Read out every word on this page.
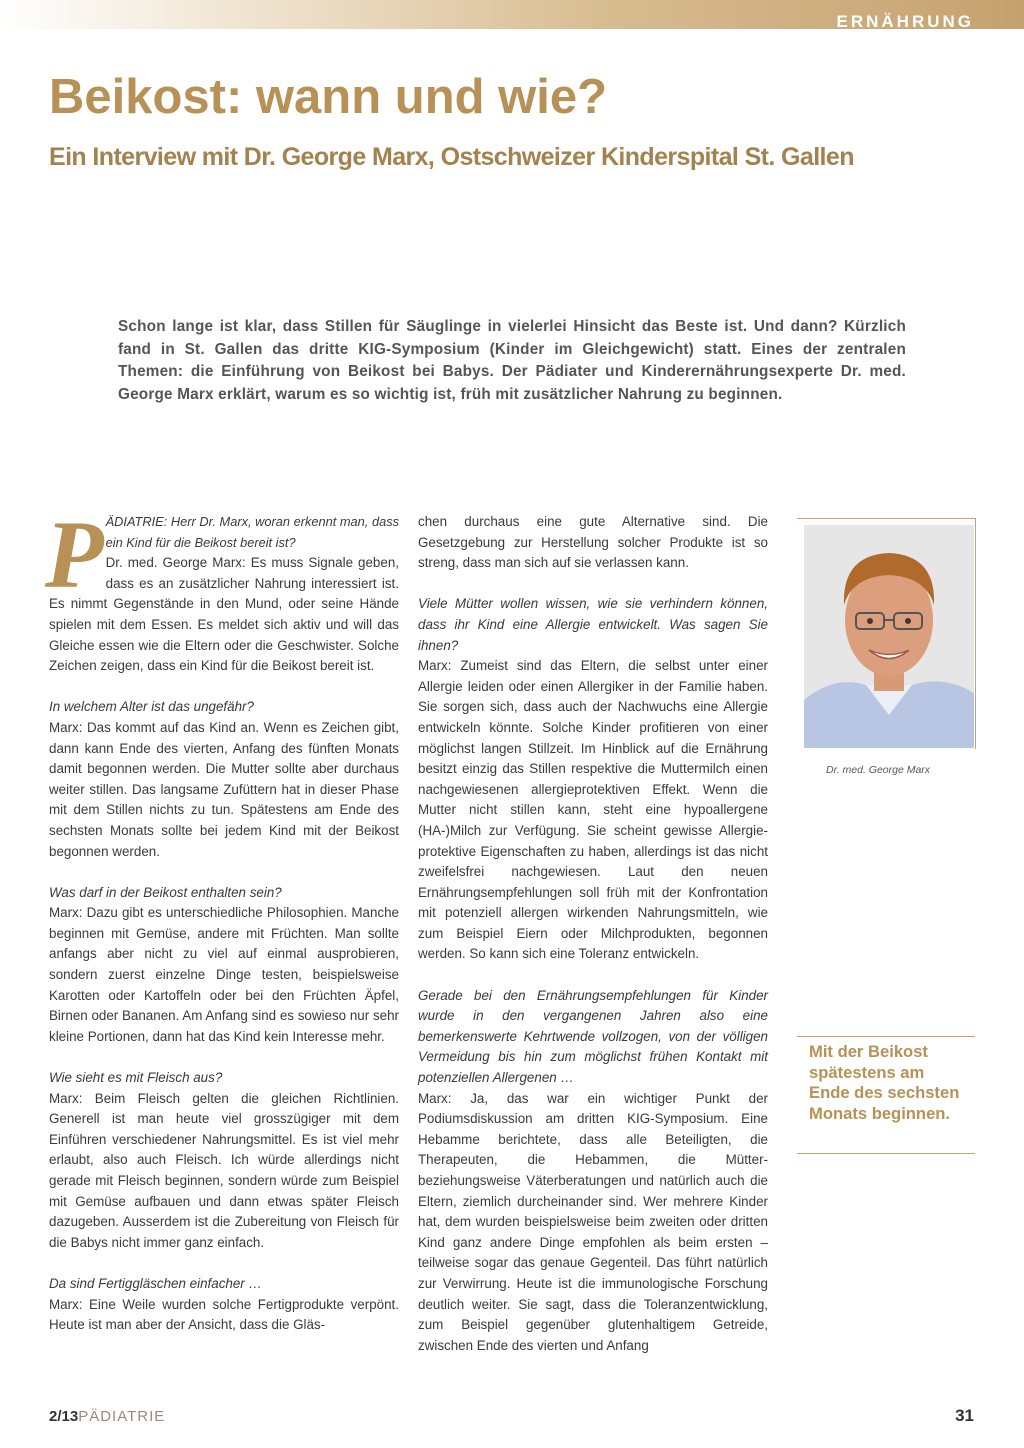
ERNÄHRUNG
Beikost: wann und wie?
Ein Interview mit Dr. George Marx, Ostschweizer Kinderspital St. Gallen

Schon lange ist klar, dass Stillen für Säuglinge in vielerlei Hinsicht das Beste ist. Und dann? Kürzlich fand in St. Gallen das dritte KIG-Symposium (Kinder im Gleichgewicht) statt. Eines der zentralen Themen: die Einführung von Beikost bei Babys. Der Pädiater und Kinderernährungsexperte Dr. med. George Marx erklärt, warum es so wichtig ist, früh mit zusätzlicher Nahrung zu beginnen.

P ÄDIATRIE: Herr Dr. Marx, woran erkennt man, dass ein Kind für die Beikost bereit ist?

Dr. med. George Marx: Es muss Signale geben, dass es an zusätzlicher Nahrung interessiert ist. Es nimmt Gegenstände in den Mund, oder seine Hände spielen mit dem Essen. Es meldet sich aktiv und will das Gleiche essen wie die Eltern oder die Geschwister. Solche Zeichen zeigen, dass ein Kind für die Beikost bereit ist.

In welchem Alter ist das ungefähr?

Marx: Das kommt auf das Kind an. Wenn es Zeichen gibt, dann kann Ende des vierten, Anfang des fünften Monats damit begonnen werden. Die Mutter sollte aber durchaus weiter stillen. Das langsame Zufüttern hat in dieser Phase mit dem Stillen nichts zu tun. Spätestens am Ende des sechsten Monats sollte bei jedem Kind mit der Beikost begonnen werden.

Was darf in der Beikost enthalten sein?

Marx: Dazu gibt es unterschiedliche Philosophien. Manche beginnen mit Gemüse, andere mit Früchten. Man sollte anfangs aber nicht zu viel auf einmal ausprobieren, sondern zuerst einzelne Dinge testen, beispielsweise Karotten oder Kartoffeln oder bei den Früchten Äpfel, Birnen oder Bananen. Am Anfang sind es sowieso nur sehr kleine Portionen, dann hat das Kind kein Interesse mehr.

Wie sieht es mit Fleisch aus?

Marx: Beim Fleisch gelten die gleichen Richtlinien. Generell ist man heute viel grosszügiger mit dem Einführen verschiedener Nahrungsmittel. Es ist viel mehr erlaubt, also auch Fleisch. Ich würde allerdings nicht gerade mit Fleisch beginnen, sondern würde zum Beispiel mit Gemüse aufbauen und dann etwas später Fleisch dazugeben. Ausserdem ist die Zubereitung von Fleisch für die Babys nicht immer ganz einfach.

Da sind Fertiggläschen einfacher …

Marx: Eine Weile wurden solche Fertigprodukte verpönt. Heute ist man aber der Ansicht, dass die Gläs-

chen durchaus eine gute Alternative sind. Die Gesetzgebung zur Herstellung solcher Produkte ist so streng, dass man sich auf sie verlassen kann.

Viele Mütter wollen wissen, wie sie verhindern können, dass ihr Kind eine Allergie entwickelt. Was sagen Sie ihnen?

Marx: Zumeist sind das Eltern, die selbst unter einer Allergie leiden oder einen Allergiker in der Familie haben. Sie sorgen sich, dass auch der Nachwuchs eine Allergie entwickeln könnte. Solche Kinder profitieren von einer möglichst langen Stillzeit. Im Hinblick auf die Ernährung besitzt einzig das Stillen respektive die Muttermilch einen nachgewiesenen allergieprotektiven Effekt. Wenn die Mutter nicht stillen kann, steht eine hypoallergene (HA-)Milch zur Verfügung. Sie scheint gewisse Allergie-protektive Eigenschaften zu haben, allerdings ist das nicht zweifelsfrei nachgewiesen. Laut den neuen Ernährungsempfehlungen soll früh mit der Konfrontation mit potenziell allergen wirkenden Nahrungsmitteln, wie zum Beispiel Eiern oder Milchprodukten, begonnen werden. So kann sich eine Toleranz entwickeln.

Gerade bei den Ernährungsempfehlungen für Kinder wurde in den vergangenen Jahren also eine bemerkenswerte Kehrtwende vollzogen, von der völligen Vermeidung bis hin zum möglichst frühen Kontakt mit potenziellen Allergenen …

Marx: Ja, das war ein wichtiger Punkt der Podiumsdiskussion am dritten KIG-Symposium. Eine Hebamme berichtete, dass alle Beteiligten, die Therapeuten, die Hebammen, die Mütter- beziehungsweise Väterberatungen und natürlich auch die Eltern, ziemlich durcheinander sind. Wer mehrere Kinder hat, dem wurden beispielsweise beim zweiten oder dritten Kind ganz andere Dinge empfohlen als beim ersten – teilweise sogar das genaue Gegenteil. Das führt natürlich zur Verwirrung. Heute ist die immunologische Forschung deutlich weiter. Sie sagt, dass die Toleranzentwicklung, zum Beispiel gegenüber glutenhaltigem Getreide, zwischen Ende des vierten und Anfang

Dr. med. George Marx
Mit der Beikost spätestens am Ende des sechsten Monats beginnen.
2/13PÄDIATRIE	31
